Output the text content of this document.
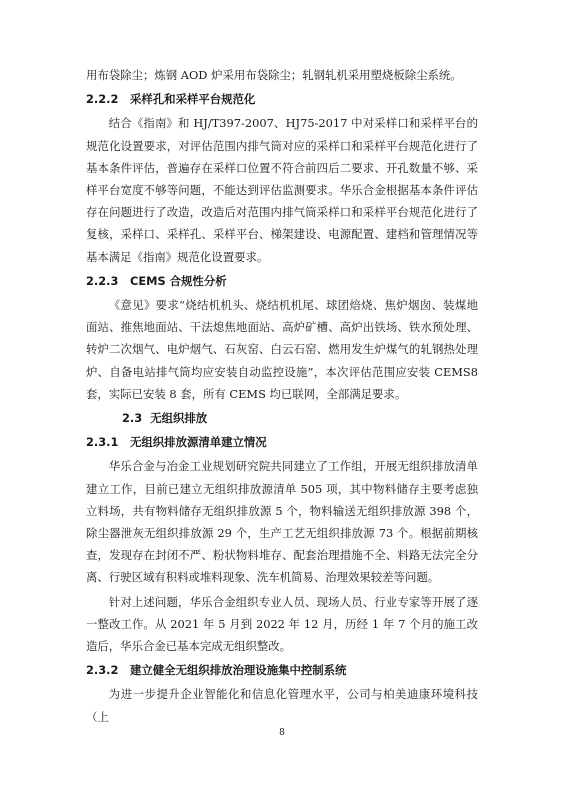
用布袋除尘；炼钢 AOD 炉采用布袋除尘；轧钢轧机采用塑烧板除尘系统。

2.2.2 采样孔和采样平台规范化

结合《指南》和 HJ/T397-2007、HJ75-2017 中对采样口和采样平台的规范化设置要求，对评估范围内排气筒对应的采样口和采样平台规范化进行了基本条件评估，普遍存在采样口位置不符合前四后二要求、开孔数量不够、采样平台宽度不够等问题，不能达到评估监测要求。华乐合金根据基本条件评估存在问题进行了改造，改造后对范围内排气筒采样口和采样平台规范化进行了复核，采样口、采样孔、采样平台、梯架建设、电源配置、建档和管理情况等基本满足《指南》规范化设置要求。

2.2.3 CEMS 合规性分析

《意见》要求“烧结机机头、烧结机机尾、球团焙烧、焦炉烟囱、装煤地面站、推焦地面站、干法熄焦地面站、高炉矿槽、高炉出铁场、铁水预处理、转炉二次烟气、电炉烟气、石灰窑、白云石窑、燃用发生炉煤气的轧钢热处理炉、自备电站排气筒均应安装自动监控设施”，本次评估范围应安装 CEMS8 套，实际已安装 8 套，所有 CEMS 均已联网，全部满足要求。

2.3 无组织排放
2.3.1 无组织排放源清单建立情况

华乐合金与冶金工业规划研究院共同建立了工作组，开展无组织排放清单建立工作，目前已建立无组织排放源清单 505 项，其中物料储存主要考虑独立料场，共有物料储存无组织排放源 5 个，物料输送无组织排放源 398 个，除尘器泄灰无组织排放源 29 个，生产工艺无组织排放源 73 个。根据前期核查，发现存在封闭不严、粉状物料堆存、配套治理措施不全、料路无法完全分离、行驶区域有积料或堆料现象、洗车机简易、治理效果较差等问题。

针对上述问题，华乐合金组织专业人员、现场人员、行业专家等开展了逐一整改工作。从 2021 年 5 月到 2022 年 12 月，历经 1 年 7 个月的施工改造后，华乐合金已基本完成无组织整改。

2.3.2 建立健全无组织排放治理设施集中控制系统

为进一步提升企业智能化和信息化管理水平，公司与柏美迪康环境科技（上

8
